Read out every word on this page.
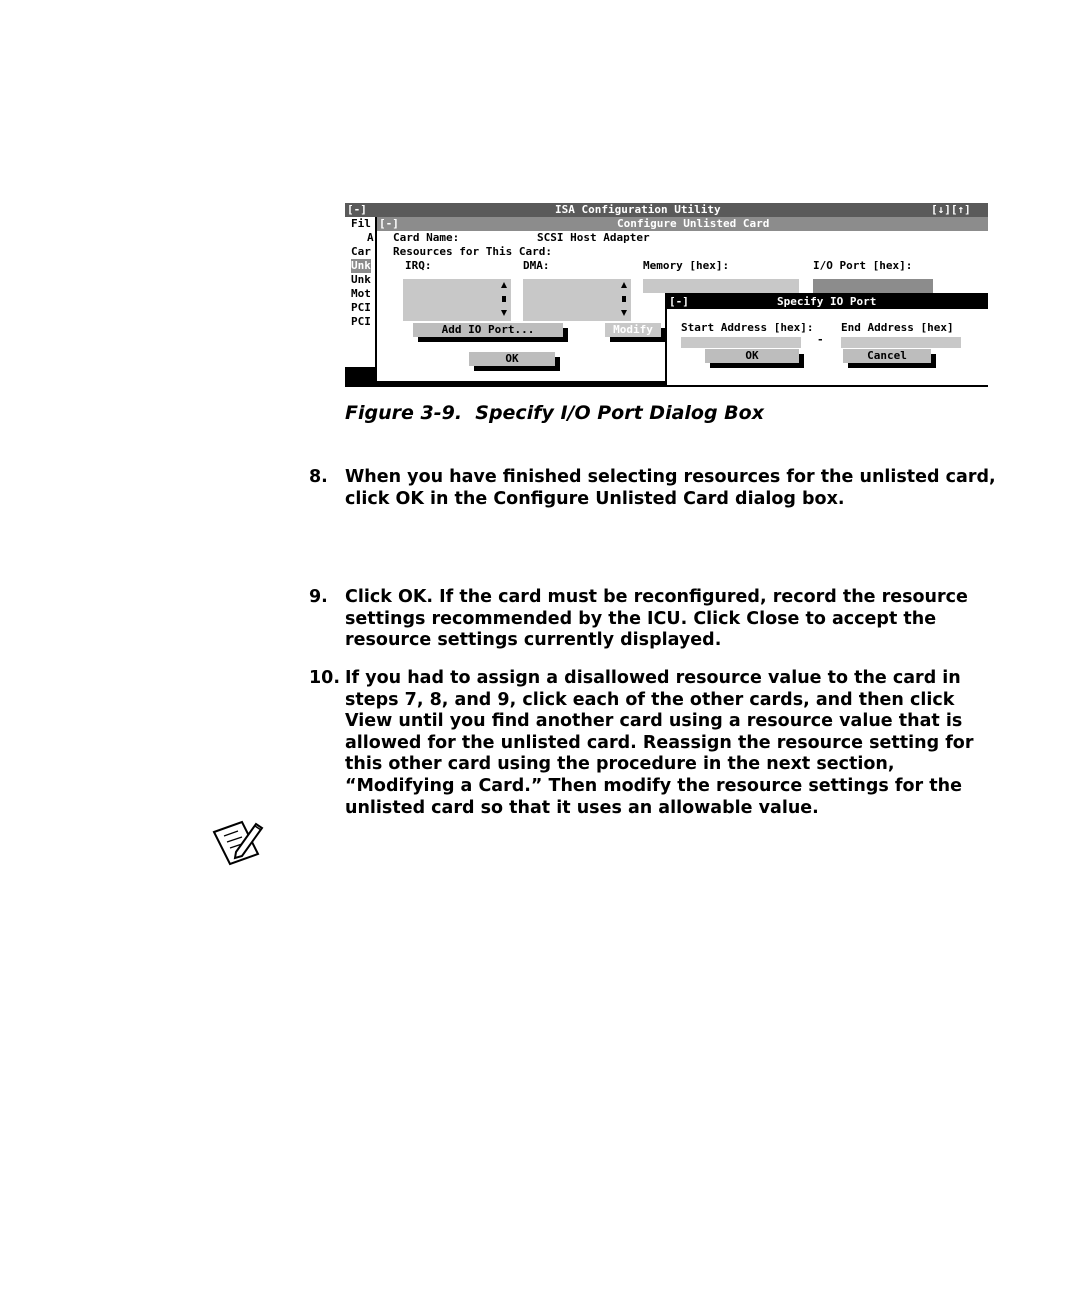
[-]	ISA Configuration Utility	[↓][↑]
Fil
A
Car
Unk
Unk
Mot
PCI
PCI
[-]	Configure Unlisted Card
Card Name:	SCSI Host Adapter
Resources for This Card:
IRQ:	DMA:	Memory [hex]:	I/O Port [hex]:
Add IO Port...	Modify
OK
[-]	Specify IO Port
Start Address [hex]:	End Address [hex]
-
OK	Cancel
Figure 3-9.  Specify I/O Port Dialog Box
8. When you have finished selecting resources for the unlisted card, click OK in the Configure Unlisted Card dialog box.
9. Click OK. If the card must be reconfigured, record the resource settings recommended by the ICU. Click Close to accept the resource settings currently displayed.
10. If you had to assign a disallowed resource value to the card in steps 7, 8, and 9, click each of the other cards, and then click View until you find another card using a resource value that is allowed for the unlisted card. Reassign the resource setting for this other card using the procedure in the next section, “Modifying a Card.” Then modify the resource settings for the unlisted card so that it uses an allowable value.
